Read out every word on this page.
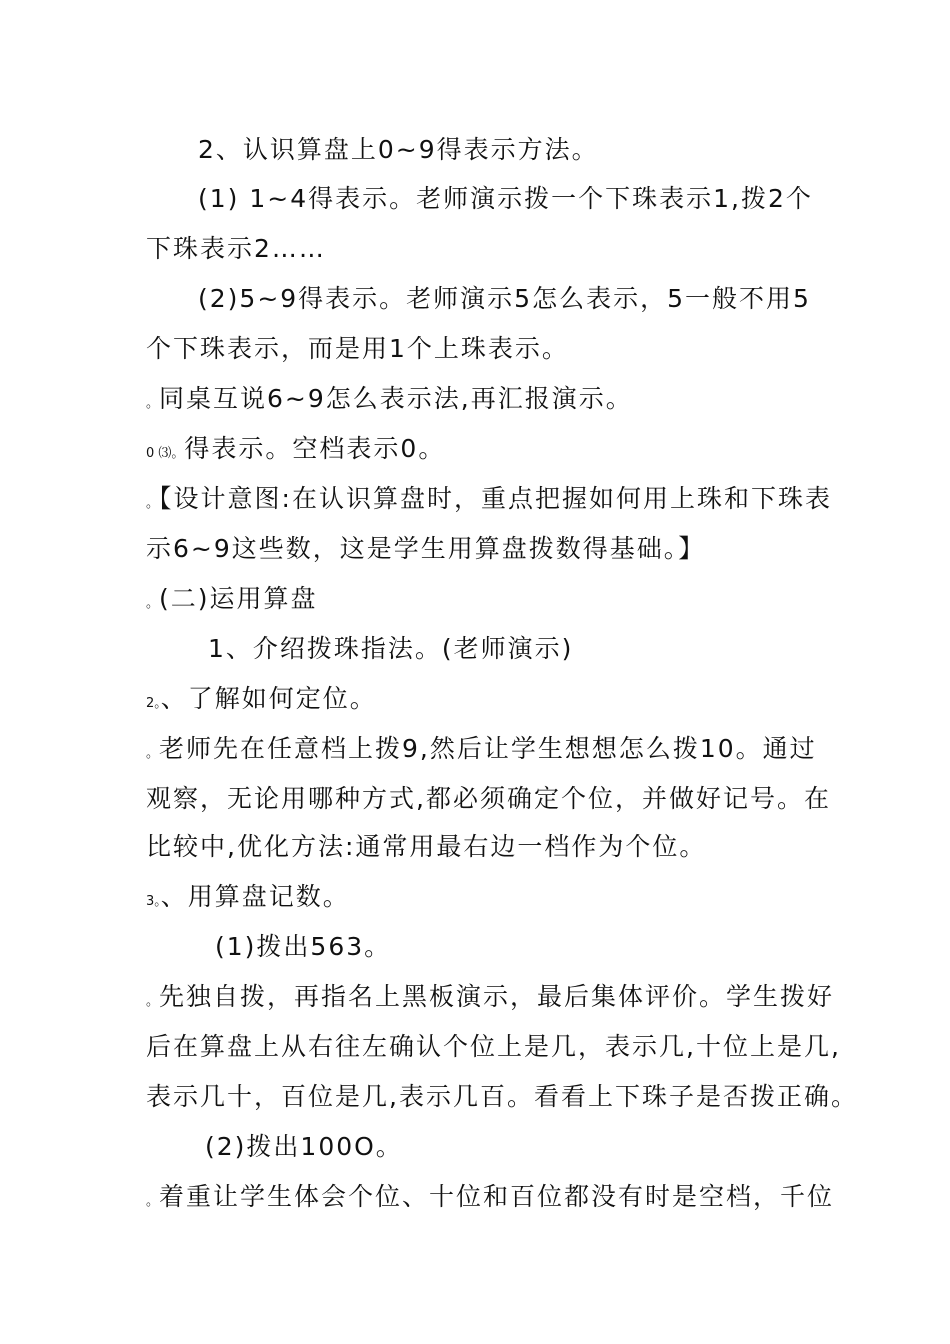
2、认识算盘上0~9得表示方法。
(1) 1~4得表示。老师演示拨一个下珠表示1,拨2个
下珠表示2……
(2)5~9得表示。老师演示5怎么表示，5一般不用5
个下珠表示，而是用1个上珠表示。
。同桌互说6~9怎么表示法,再汇报演示。
0 ⑶。得表示。空档表示0。
。【设计意图:在认识算盘时，重点把握如何用上珠和下珠表
示6~9这些数，这是学生用算盘拨数得基础。】
。(二)运用算盘
1、介绍拨珠指法。(老师演示)
2。、了解如何定位。
。老师先在任意档上拨9,然后让学生想想怎么拨10。通过
观察，无论用哪种方式,都必须确定个位，并做好记号。在
比较中,优化方法:通常用最右边一档作为个位。
3。、用算盘记数。
(1)拨出563。
。先独自拨，再指名上黑板演示，最后集体评价。学生拨好
后在算盘上从右往左确认个位上是几，表示几,十位上是几,
表示几十，百位是几,表示几百。看看上下珠子是否拨正确。
(2)拨出100O。
。着重让学生体会个位、十位和百位都没有时是空档，千位
